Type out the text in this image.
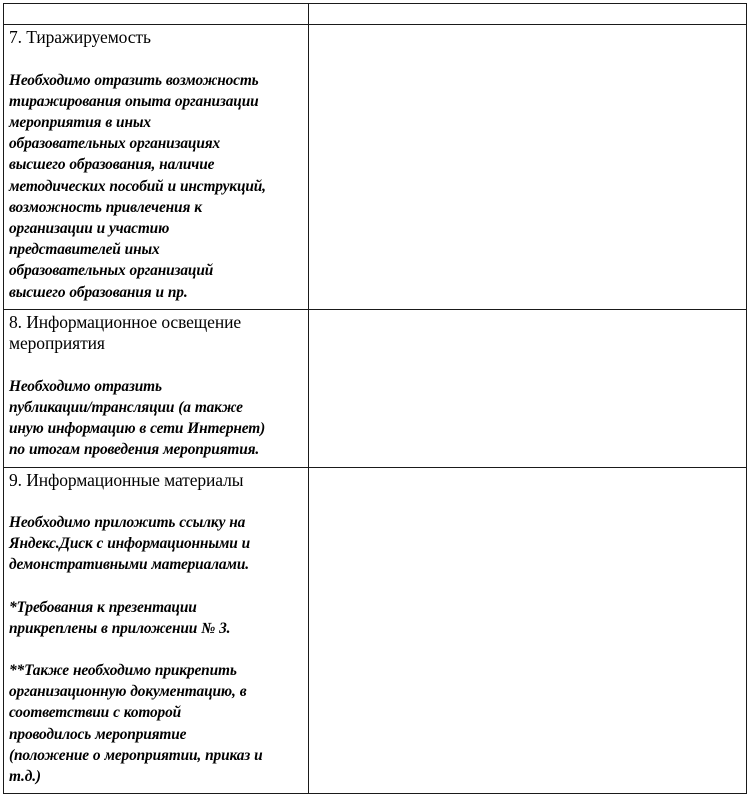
7. Тиражируемость

Необходимо отразить возможность

тиражирования опыта организации

мероприятия в иных

образовательных организациях

высшего образования, наличие

методических пособий и инструкций,

возможность привлечения к

организации и участию

представителей иных

образовательных организаций

высшего образования и пр.

8. Информационное освещение мероприятия

Необходимо отразить

публикации/трансляции (а также

иную информацию в сети Интернет)

по итогам проведения мероприятия.	

9. Информационные материалы

Необходимо приложить ссылку на

Яндекс.Диск с информационными и

демонстративными материалами.

*Требования к презентации

прикреплены в приложении № 3.

**Также необходимо прикрепить

организационную документацию, в

соответствии с которой

проводилось мероприятие

(положение о мероприятии, приказ и

т.д.)
